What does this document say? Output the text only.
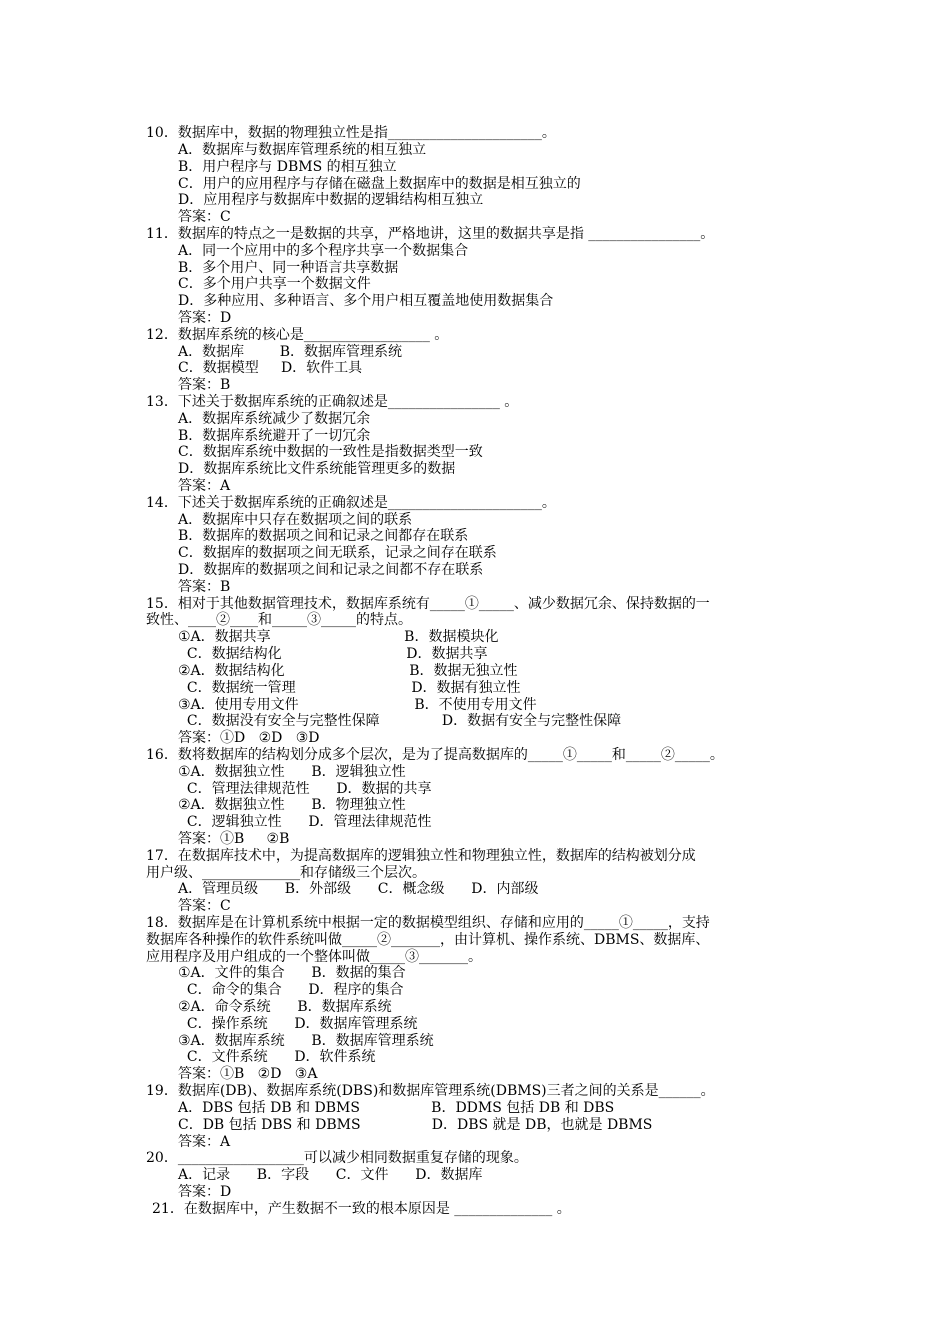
10．数据库中，数据的物理独立性是指______________________。
A．数据库与数据库管理系统的相互独立
B．用户程序与 DBMS 的相互独立
C．用户的应用程序与存储在磁盘上数据库中的数据是相互独立的
D．应用程序与数据库中数据的逻辑结构相互独立
答案：C
11．数据库的特点之一是数据的共享，严格地讲，这里的数据共享是指 ________________。
A．同一个应用中的多个程序共享一个数据集合
B．多个用户、同一种语言共享数据
C．多个用户共享一个数据文件
D．多种应用、多种语言、多个用户相互覆盖地使用数据集合
答案：D
12．数据库系统的核心是__________________ 。
A．数据库        B．数据库管理系统
C．数据模型     D．软件工具
答案：B
13．下述关于数据库系统的正确叙述是________________ 。
A．数据库系统减少了数据冗余
B．数据库系统避开了一切冗余
C．数据库系统中数据的一致性是指数据类型一致
D．数据库系统比文件系统能管理更多的数据
答案：A
14．下述关于数据库系统的正确叙述是______________________。
A．数据库中只存在数据项之间的联系
B．数据库的数据项之间和记录之间都存在联系
C．数据库的数据项之间无联系，记录之间存在联系
D．数据库的数据项之间和记录之间都不存在联系
答案：B
15．相对于其他数据管理技术，数据库系统有_____①_____、减少数据冗余、保持数据的一
致性、____②____和_____③_____的特点。
①A．数据共享                              B．数据模块化
C．数据结构化                            D．数据共享
②A．数据结构化                            B．数据无独立性
C．数据统一管理                          D．数据有独立性
③A．使用专用文件                          B．不使用专用文件
C．数据没有安全与完整性保障              D．数据有安全与完整性保障
答案：①D   ②D   ③D
16．数将数据库的结构划分成多个层次，是为了提高数据库的_____①_____和_____②_____。
①A．数据独立性      B．逻辑独立性
C．管理法律规范性      D．数据的共享
②A．数据独立性      B．物理独立性
C．逻辑独立性      D．管理法律规范性
答案：①B     ②B
17．在数据库技术中，为提高数据库的逻辑独立性和物理独立性，数据库的结构被划分成
用户级、______________和存储级三个层次。
A．管理员级      B．外部级      C．概念级      D．内部级
答案：C
18．数据库是在计算机系统中根据一定的数据模型组织、存储和应用的_____①_____，支持
数据库各种操作的软件系统叫做_____②_______，由计算机、操作系统、DBMS、数据库、
应用程序及用户组成的一个整体叫做_____③_______。
①A．文件的集合      B．数据的集合
C．命令的集合      D．程序的集合
②A．命令系统      B．数据库系统
C．操作系统      D．数据库管理系统
③A．数据库系统      B．数据库管理系统
C．文件系统      D．软件系统
答案：①B   ②D   ③A
19．数据库(DB)、数据库系统(DBS)和数据库管理系统(DBMS)三者之间的关系是______。
A．DBS 包括 DB 和 DBMS                B．DDMS 包括 DB 和 DBS
C．DB 包括 DBS 和 DBMS                D．DBS 就是 DB，也就是 DBMS
答案：A
20．__________________可以减少相同数据重复存储的现象。
A．记录      B．字段      C．文件      D．数据库
答案：D
21．在数据库中，产生数据不一致的根本原因是 ______________ 。
